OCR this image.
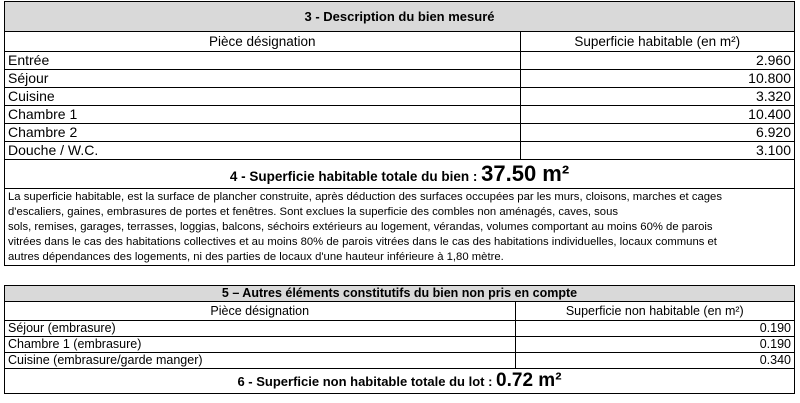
3 - Description du bien mesuré
Pièce désignation	Superficie habitable (en m²)
Entrée	2.960
Séjour	10.800
Cuisine	3.320
Chambre 1	10.400
Chambre 2	6.920
Douche / W.C.	3.100
4 - Superficie habitable totale du bien : 37.50 m²
La superficie habitable, est la surface de plancher construite, après déduction des surfaces occupées par les murs, cloisons, marches et cages
d'escaliers, gaines, embrasures de portes et fenêtres. Sont exclues la superficie des combles non aménagés, caves, sous
sols, remises, garages, terrasses, loggias, balcons, séchoirs extérieurs au logement, vérandas, volumes comportant au moins 60% de parois
vitrées dans le cas des habitations collectives et au moins 80% de parois vitrées dans le cas des habitations individuelles, locaux communs et
autres dépendances des logements, ni des parties de locaux d'une hauteur inférieure à 1,80 mètre.
5 – Autres éléments constitutifs du bien non pris en compte
Pièce désignation	Superficie non habitable (en m²)
Séjour (embrasure)	0.190
Chambre 1 (embrasure)	0.190
Cuisine (embrasure/garde manger)	0.340
6 - Superficie non habitable totale du lot : 0.72 m²
